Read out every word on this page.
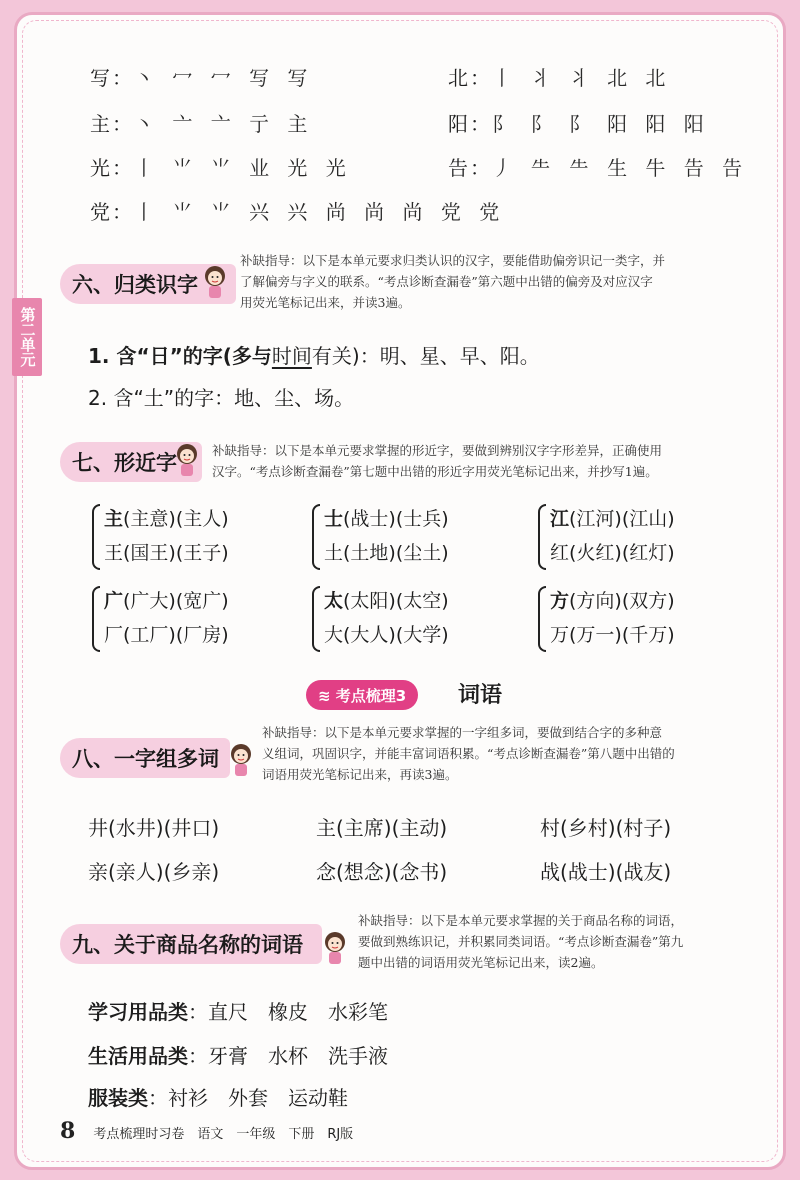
第二单元
写：丶 冖 冖 写 写	北：丨 丬 丬 北 北
主：丶 亠 亠 亍 主	阳：阝 阝 阝 阳 阳 阳
光：丨 ⺌ ⺌ 业 光 光	告：丿 ⺧ ⺧ 生 牛 告 告
党：丨 ⺌ ⺌ 兴 兴 尚 尚 尚 党 党
六、归类识字
补缺指导：以下是本单元要求归类认识的汉字，要能借助偏旁识记一类字，并
了解偏旁与字义的联系。“考点诊断查漏卷”第六题中出错的偏旁及对应汉字
用荧光笔标记出来，并读3遍。
1. 含“日”的字(多与时间有关)：明、星、早、阳。
2. 含“土”的字：地、尘、场。
七、形近字
补缺指导：以下是本单元要求掌握的形近字，要做到辨别汉字字形差异，正确使用
汉字。“考点诊断查漏卷”第七题中出错的形近字用荧光笔标记出来，并抄写1遍。
主(主意)(主人)
王(国王)(王子)
士(战士)(士兵)
土(土地)(尘土)
江(江河)(江山)
红(火红)(红灯)
广(广大)(宽广)
厂(工厂)(厂房)
太(太阳)(太空)
大(大人)(大学)
方(方向)(双方)
万(万一)(千万)
≋ 考点梳理3 词语
八、一字组多词
补缺指导：以下是本单元要求掌握的一字组多词，要做到结合字的多种意
义组词，巩固识字，并能丰富词语积累。“考点诊断查漏卷”第八题中出错的
词语用荧光笔标记出来，再读3遍。
井(水井)(井口)	主(主席)(主动)	村(乡村)(村子)
亲(亲人)(乡亲)	念(想念)(念书)	战(战士)(战友)
九、关于商品名称的词语
补缺指导：以下是本单元要求掌握的关于商品名称的词语，
要做到熟练识记，并积累同类词语。“考点诊断查漏卷”第九
题中出错的词语用荧光笔标记出来，读2遍。
学习用品类：直尺　橡皮　水彩笔
生活用品类：牙膏　水杯　洗手液
服装类：衬衫　外套　运动鞋
8 考点梳理时习卷　语文　一年级　下册　RJ版
